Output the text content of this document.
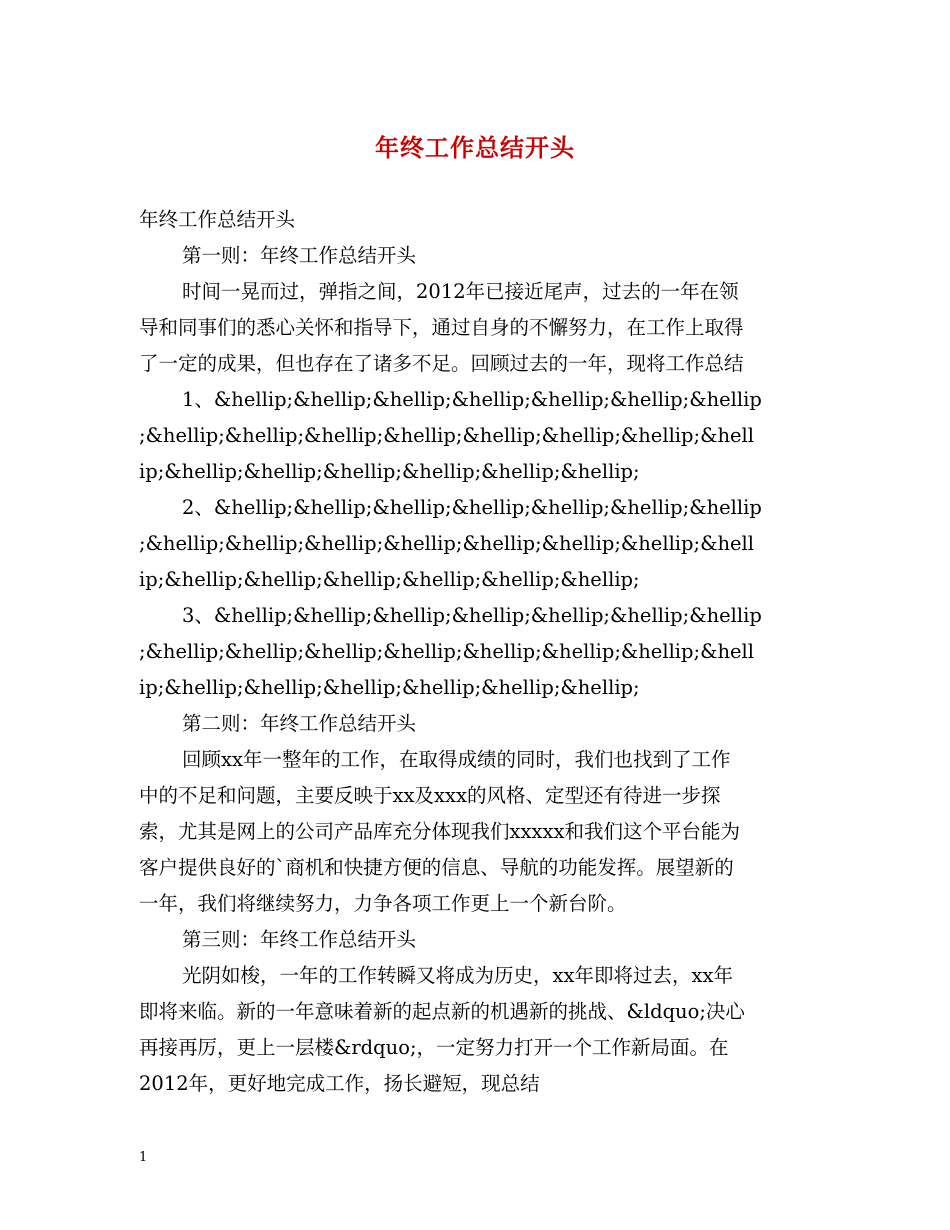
年终工作总结开头
年终工作总结开头
第一则：年终工作总结开头
时间一晃而过，弹指之间，2012年已接近尾声，过去的一年在领
导和同事们的悉心关怀和指导下，通过自身的不懈努力，在工作上取得
了一定的成果，但也存在了诸多不足。回顾过去的一年，现将工作总结
1、&hellip;&hellip;&hellip;&hellip;&hellip;&hellip;&hellip
;&hellip;&hellip;&hellip;&hellip;&hellip;&hellip;&hellip;&hell
ip;&hellip;&hellip;&hellip;&hellip;&hellip;&hellip;
2、&hellip;&hellip;&hellip;&hellip;&hellip;&hellip;&hellip
;&hellip;&hellip;&hellip;&hellip;&hellip;&hellip;&hellip;&hell
ip;&hellip;&hellip;&hellip;&hellip;&hellip;&hellip;
3、&hellip;&hellip;&hellip;&hellip;&hellip;&hellip;&hellip
;&hellip;&hellip;&hellip;&hellip;&hellip;&hellip;&hellip;&hell
ip;&hellip;&hellip;&hellip;&hellip;&hellip;&hellip;
第二则：年终工作总结开头
回顾xx年一整年的工作，在取得成绩的同时，我们也找到了工作
中的不足和问题，主要反映于xx及xxx的风格、定型还有待进一步探
索，尤其是网上的公司产品库充分体现我们xxxxx和我们这个平台能为
客户提供良好的`商机和快捷方便的信息、导航的功能发挥。展望新的
一年，我们将继续努力，力争各项工作更上一个新台阶。
第三则：年终工作总结开头
光阴如梭，一年的工作转瞬又将成为历史，xx年即将过去，xx年
即将来临。新的一年意味着新的起点新的机遇新的挑战、&ldquo;决心
再接再厉，更上一层楼&rdquo;，一定努力打开一个工作新局面。在
2012年，更好地完成工作，扬长避短，现总结
1
